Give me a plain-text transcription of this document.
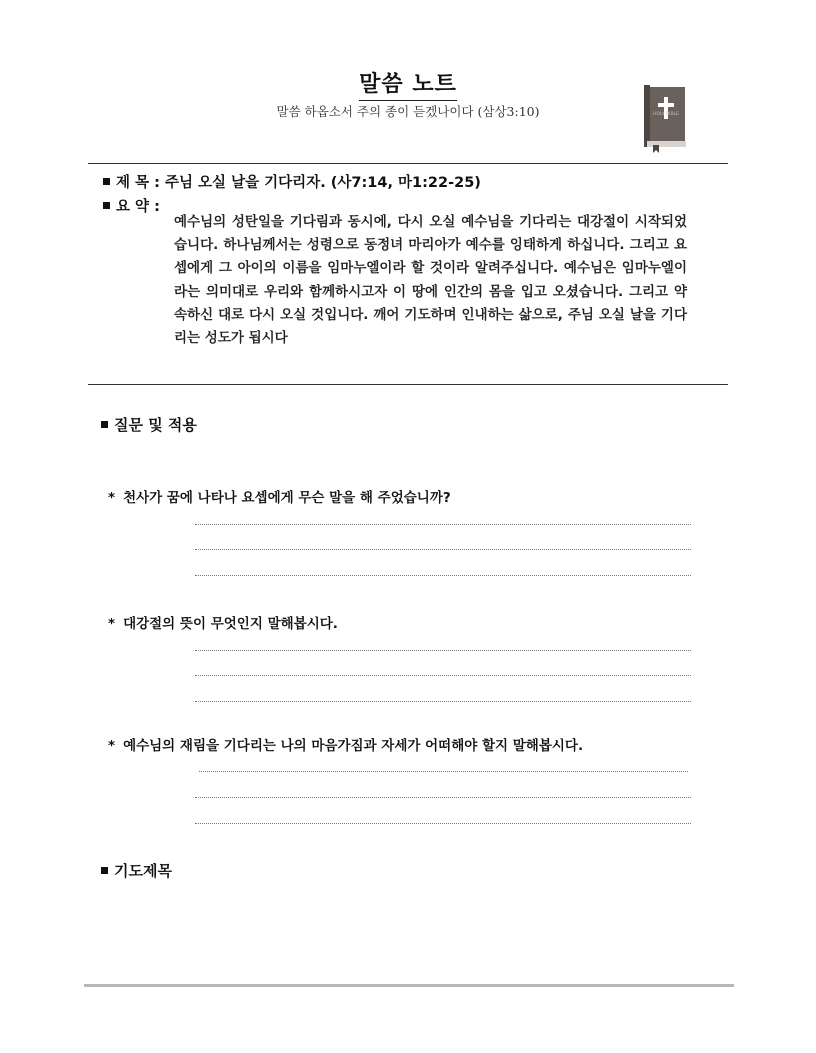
말씀 노트
말씀 하옵소서 주의 종이 듣겠나이다 (삼상3:10)	HOLY BIBLE
제 목 : 주님 오실 날을 기다리자. (사7:14, 마1:22-25)
요 약 :
예수님의 성탄일을 기다림과 동시에, 다시 오실 예수님을 기다리는 대강절이 시작되었습니다. 하나님께서는 성령으로 동정녀 마리아가 예수를 잉태하게 하십니다. 그리고 요셉에게 그 아이의 이름을 임마누엘이라 할 것이라 알려주십니다. 예수님은 임마누엘이라는 의미대로 우리와 함께하시고자 이 땅에 인간의 몸을 입고 오셨습니다. 그리고 약속하신 대로 다시 오실 것입니다. 깨어 기도하며 인내하는 삶으로, 주님 오실 날을 기다리는 성도가 됩시다
질문 및 적용
* 천사가 꿈에 나타나 요셉에게 무슨 말을 해 주었습니까?
* 대강절의 뜻이 무엇인지 말해봅시다.
* 예수님의 재림을 기다리는 나의 마음가짐과 자세가 어떠해야 할지 말해봅시다.
기도제목
